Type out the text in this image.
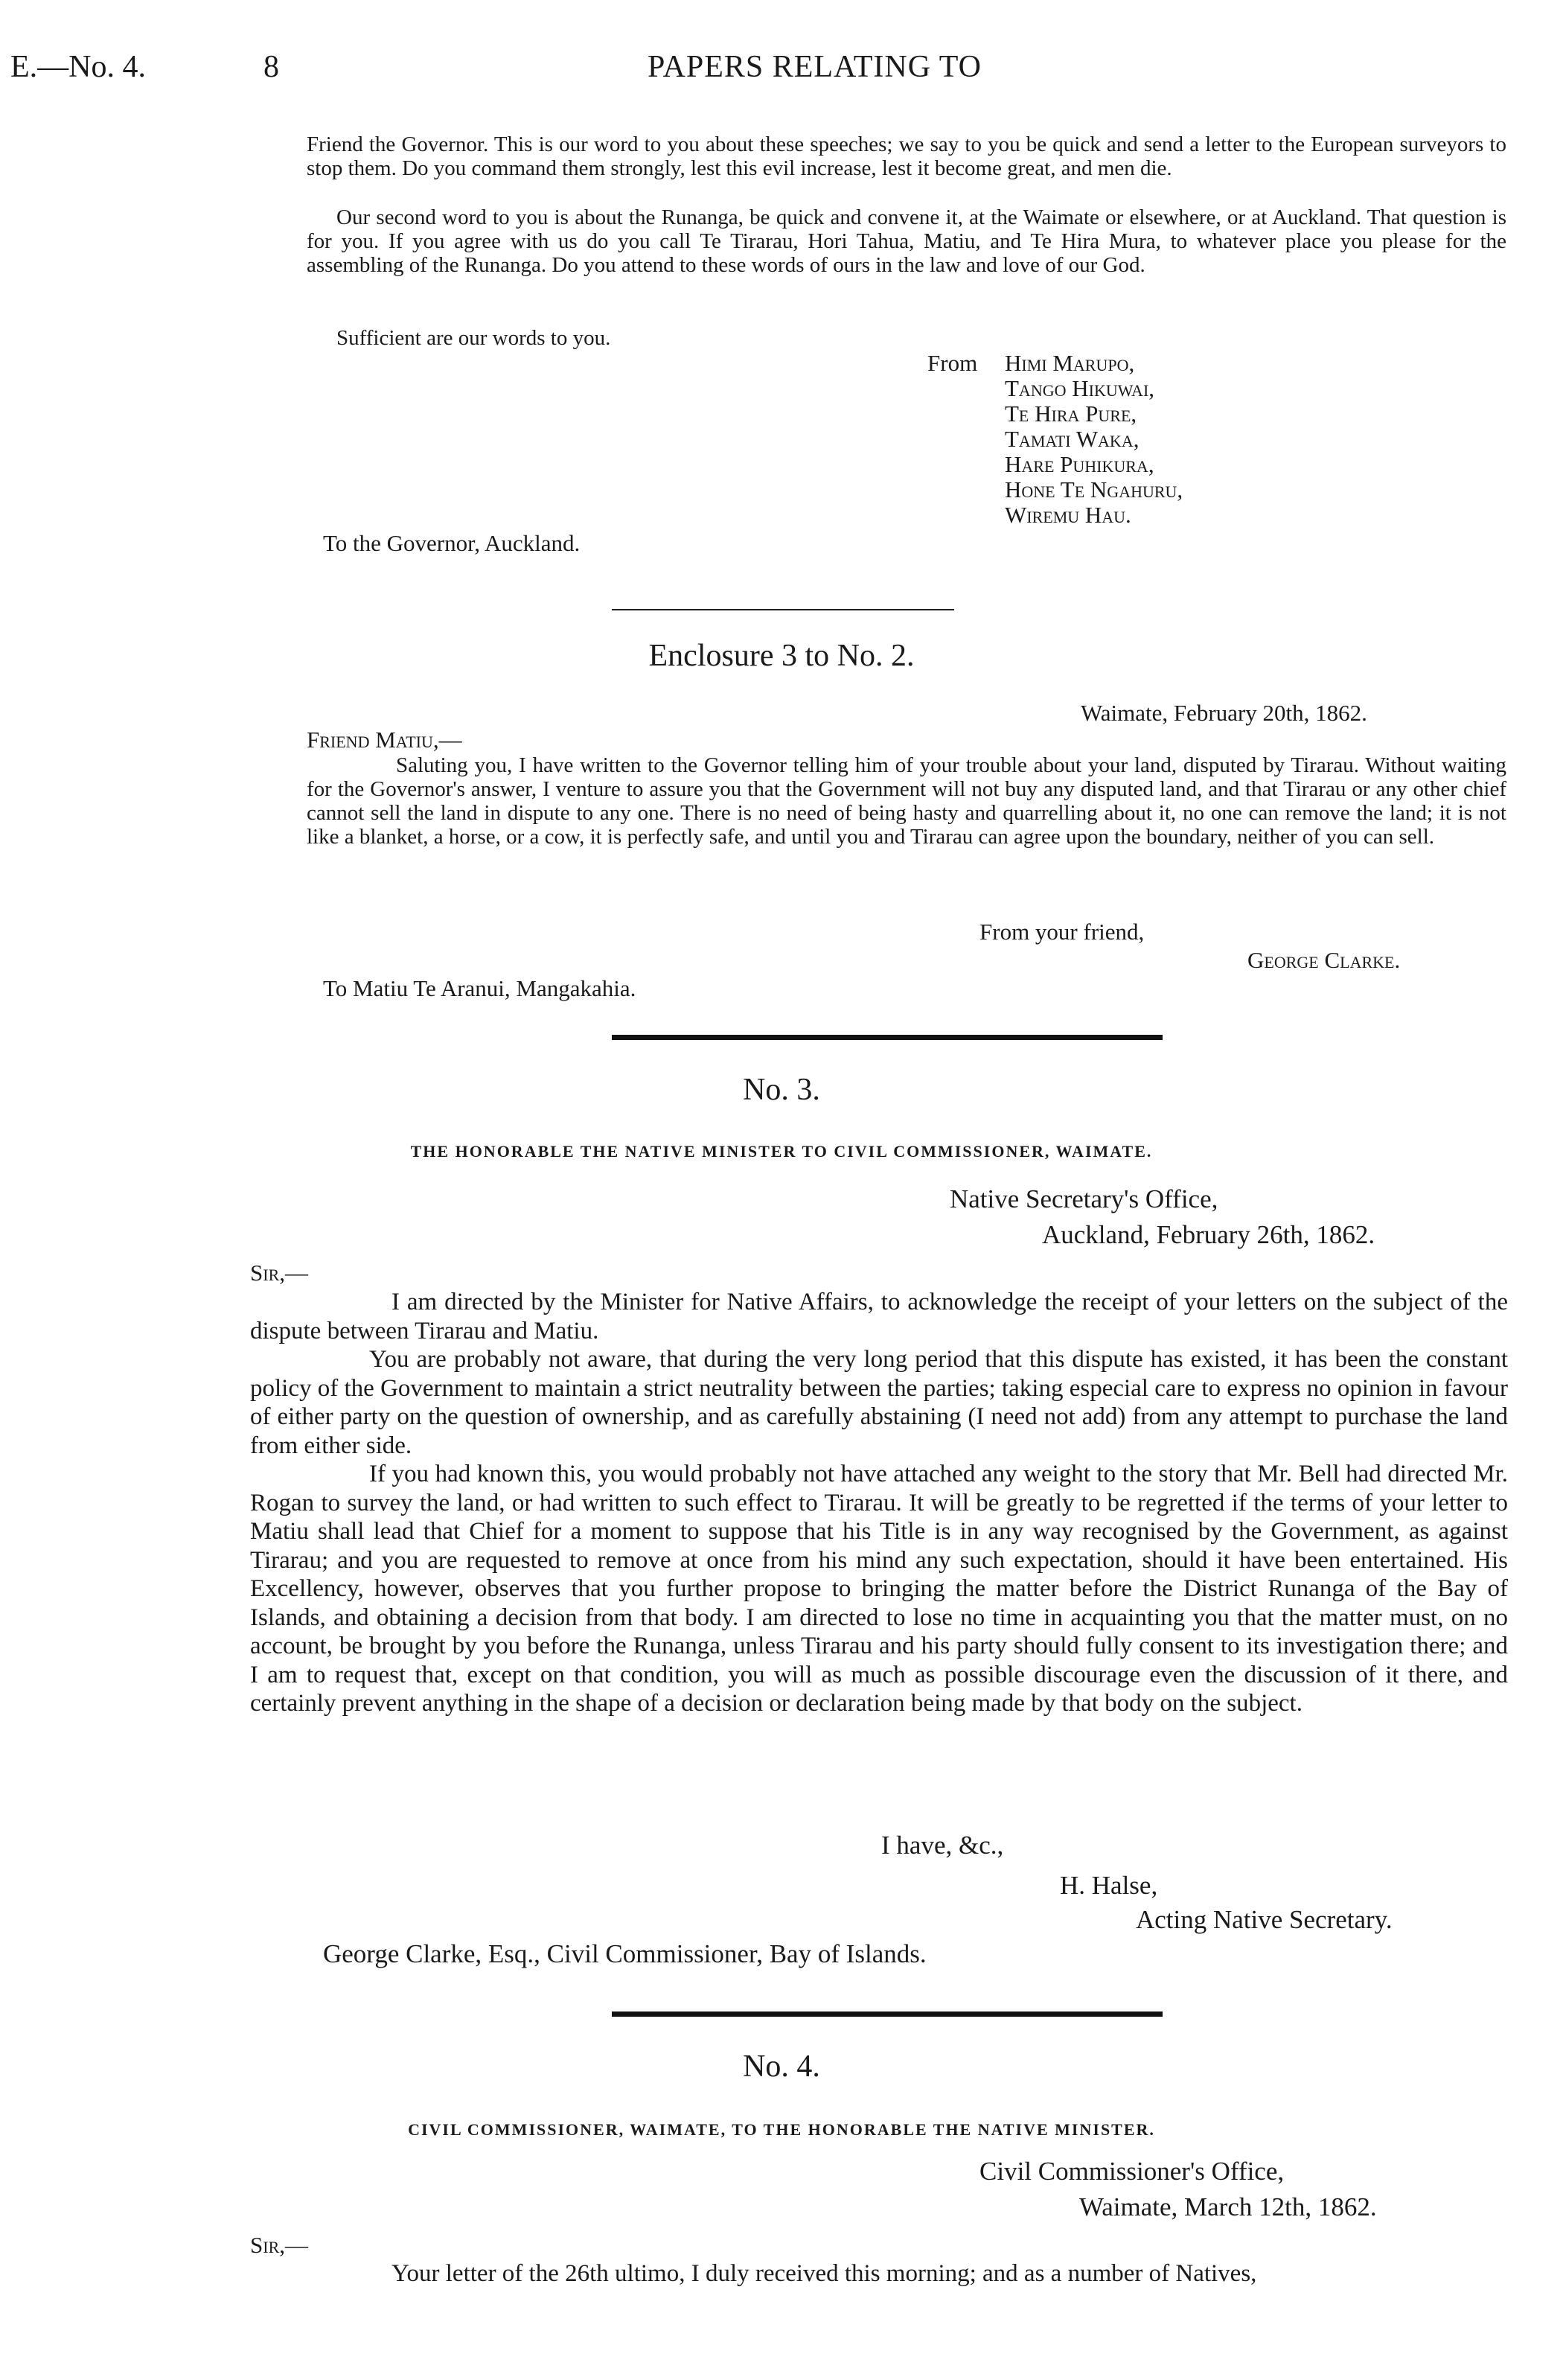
E.—No. 4.	8	PAPERS RELATING TO

Friend the Governor. This is our word to you about these speeches; we say to you be quick and send a letter to the European surveyors to stop them. Do you command them strongly, lest this evil increase, lest it become great, and men die.

Our second word to you is about the Runanga, be quick and convene it, at the Waimate or elsewhere, or at Auckland. That question is for you. If you agree with us do you call Te Tirarau, Hori Tahua, Matiu, and Te Hira Mura, to whatever place you please for the assembling of the Runanga. Do you attend to these words of ours in the law and love of our God.

Sufficient are our words to you.

From Himi Marupo,
Tango Hikuwai,
Te Hira Pure,
Tamati Waka,
Hare Puhikura,
Hone Te Ngahuru,
Wiremu Hau.
To the Governor, Auckland.
Enclosure 3 to No. 2.
Waimate, February 20th, 1862.
Friend Matiu,—

Saluting you, I have written to the Governor telling him of your trouble about your land, disputed by Tirarau. Without waiting for the Governor's answer, I venture to assure you that the Government will not buy any disputed land, and that Tirarau or any other chief cannot sell the land in dispute to any one. There is no need of being hasty and quarrelling about it, no one can remove the land; it is not like a blanket, a horse, or a cow, it is perfectly safe, and until you and Tirarau can agree upon the boundary, neither of you can sell.

From your friend,
George Clarke.
To Matiu Te Aranui, Mangakahia.
No. 3.
THE HONORABLE THE NATIVE MINISTER TO CIVIL COMMISSIONER, WAIMATE.
Native Secretary's Office,
Auckland, February 26th, 1862.
Sir,—
I am directed by the Minister for Native Affairs, to acknowledge the receipt of your letters on the subject of the dispute between Tirarau and Matiu.
You are probably not aware, that during the very long period that this dispute has existed, it has been the constant policy of the Government to maintain a strict neutrality between the parties; taking especial care to express no opinion in favour of either party on the question of ownership, and as carefully abstaining (I need not add) from any attempt to purchase the land from either side.
If you had known this, you would probably not have attached any weight to the story that Mr. Bell had directed Mr. Rogan to survey the land, or had written to such effect to Tirarau. It will be greatly to be regretted if the terms of your letter to Matiu shall lead that Chief for a moment to suppose that his Title is in any way recognised by the Government, as against Tirarau; and you are requested to remove at once from his mind any such expectation, should it have been entertained. His Excellency, however, observes that you further propose to bringing the matter before the District Runanga of the Bay of Islands, and obtaining a decision from that body. I am directed to lose no time in acquainting you that the matter must, on no account, be brought by you before the Runanga, unless Tirarau and his party should fully consent to its investigation there; and I am to request that, except on that condition, you will as much as possible discourage even the discussion of it there, and certainly prevent anything in the shape of a decision or declaration being made by that body on the subject.
I have, &c.,
H. Halse,
Acting Native Secretary.
George Clarke, Esq., Civil Commissioner, Bay of Islands.
No. 4.
CIVIL COMMISSIONER, WAIMATE, TO THE HONORABLE THE NATIVE MINISTER.
Civil Commissioner's Office,
Waimate, March 12th, 1862.
Sir,—
Your letter of the 26th ultimo, I duly received this morning; and as a number of Natives,
